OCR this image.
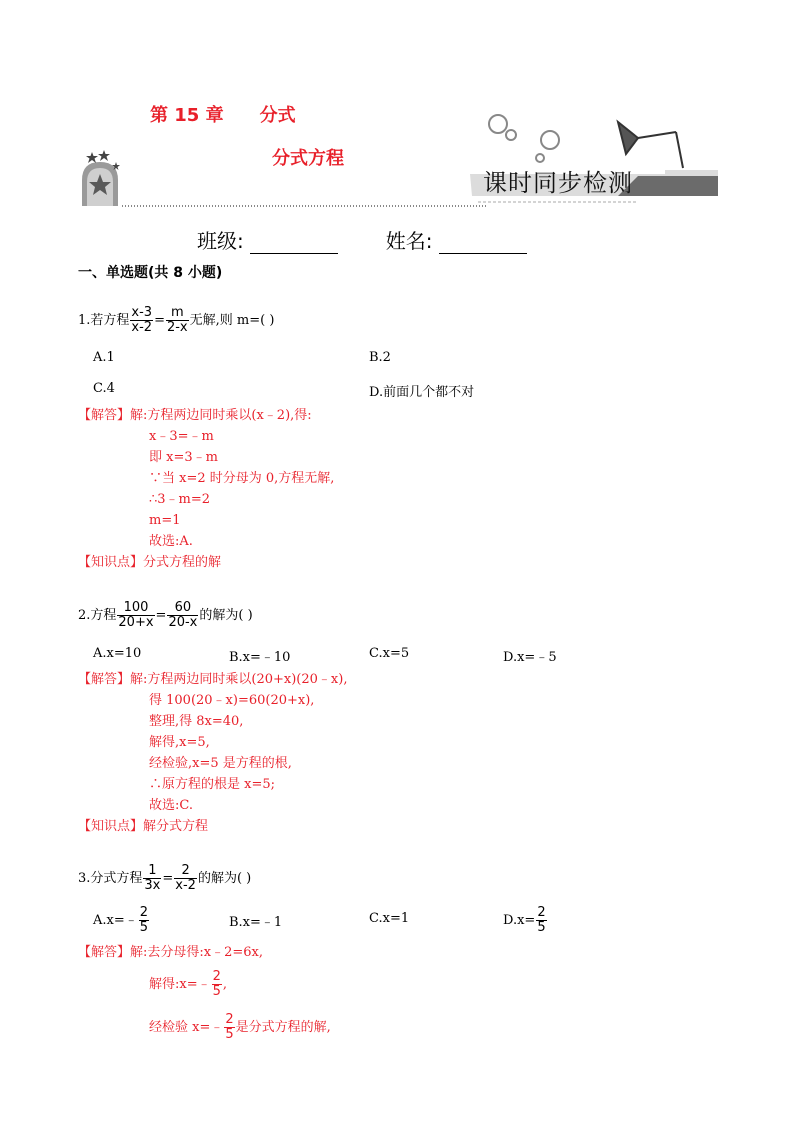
第 15 章 分式
分式方程
课时同步检测
班级:	姓名:
一、单选题(共 8 小题)
1.若方程 $\frac{x-3}{x-2} = \frac{m}{2-x}$ 无解,则 m=( )
A.1	B.2
C.4	D.前面几个都不对
【解答】解:方程两边同时乘以(x﹣2),得:
x﹣3=﹣m
即 x=3﹣m
∵当 x=2 时分母为 0,方程无解,
∴3﹣m=2
m=1
故选:A.
【知识点】分式方程的解
2.方程 $\frac{100}{20+x} = \frac{60}{20-x}$ 的解为( )
A.x=10	B.x=﹣10	C.x=5	D.x=﹣5
【解答】解:方程两边同时乘以(20+x)(20﹣x),
得 100(20﹣x)=60(20+x),
整理,得 8x=40,
解得,x=5,
经检验,x=5 是方程的根,
∴原方程的根是 x=5;
故选:C.
【知识点】解分式方程
3.分式方程 $\frac{1}{3x} = \frac{2}{x-2}$ 的解为( )
A.x=﹣ $\frac{2}{5}$	B.x=﹣1	C.x=1	$D.x= \frac{2}{5}$
【解答】解:去分母得:x﹣2=6x,
解得:x=﹣ $\frac{2}{5}$ ,
经检验 x=﹣ $\frac{2}{5}$ 是分式方程的解,
